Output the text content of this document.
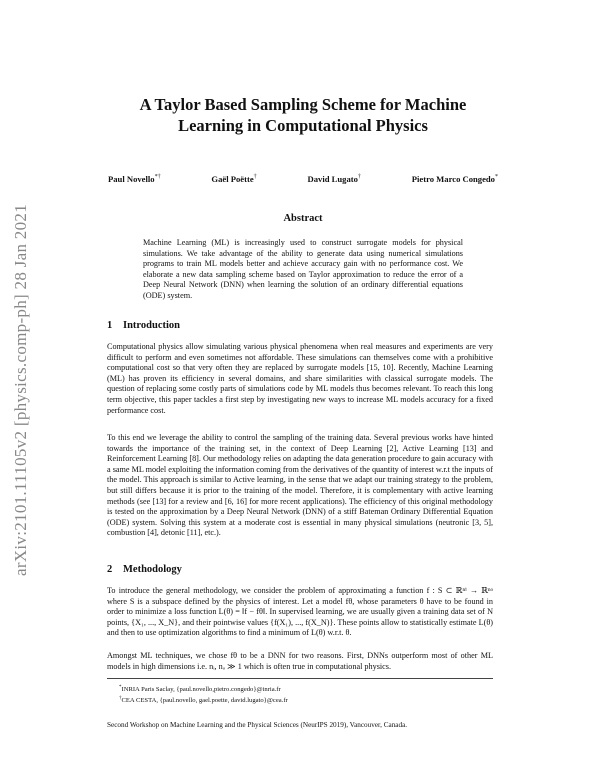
arXiv:2101.11105v2 [physics.comp-ph] 28 Jan 2021
A Taylor Based Sampling Scheme for Machine Learning in Computational Physics
Paul Novello*†	Gaël Poëtte†	David Lugato†	Pietro Marco Congedo*
Abstract

Machine Learning (ML) is increasingly used to construct surrogate models for physical simulations. We take advantage of the ability to generate data using numerical simulations programs to train ML models better and achieve accuracy gain with no performance cost. We elaborate a new data sampling scheme based on Taylor approximation to reduce the error of a Deep Neural Network (DNN) when learning the solution of an ordinary differential equations (ODE) system.

1 Introduction

Computational physics allow simulating various physical phenomena when real measures and experiments are very difficult to perform and even sometimes not affordable. These simulations can themselves come with a prohibitive computational cost so that very often they are replaced by surrogate models [15, 10]. Recently, Machine Learning (ML) has proven its efficiency in several domains, and share similarities with classical surrogate models. The question of replacing some costly parts of simulations code by ML models thus becomes relevant. To reach this long term objective, this paper tackles a first step by investigating new ways to increase ML models accuracy for a fixed performance cost.

To this end we leverage the ability to control the sampling of the training data. Several previous works have hinted towards the importance of the training set, in the context of Deep Learning [2], Active Learning [13] and Reinforcement Learning [8]. Our methodology relies on adapting the data generation procedure to gain accuracy with a same ML model exploiting the information coming from the derivatives of the quantity of interest w.r.t the inputs of the model. This approach is similar to Active learning, in the sense that we adapt our training strategy to the problem, but still differs because it is prior to the training of the model. Therefore, it is complementary with active learning methods (see [13] for a review and [6, 16] for more recent applications). The efficiency of this original methodology is tested on the approximation by a Deep Neural Network (DNN) of a stiff Bateman Ordinary Differential Equation (ODE) system. Solving this system at a moderate cost is essential in many physical simulations (neutronic [3, 5], combustion [4], detonic [11], etc.).

2 Methodology

To introduce the general methodology, we consider the problem of approximating a function f : S ⊂ ℝⁿⁱ → ℝⁿᵒ where S is a subspace defined by the physics of interest. Let a model fθ, whose parameters θ have to be found in order to minimize a loss function L(θ) = ‖f − fθ‖. In supervised learning, we are usually given a training data set of N points, {X₁, ..., X_N}, and their pointwise values {f(X₁), ..., f(X_N)}. These points allow to statistically estimate L(θ) and then to use optimization algorithms to find a minimum of L(θ) w.r.t. θ.

Amongst ML techniques, we chose fθ to be a DNN for two reasons. First, DNNs outperform most of other ML models in high dimensions i.e. nᵢ, nₒ ≫ 1 which is often true in computational physics.

*INRIA Paris Saclay, {paul.novello,pietro.congedo}@inria.fr

†CEA CESTA, {paul.novello, gael.poette, david.lugato}@cea.fr

Second Workshop on Machine Learning and the Physical Sciences (NeurIPS 2019), Vancouver, Canada.
